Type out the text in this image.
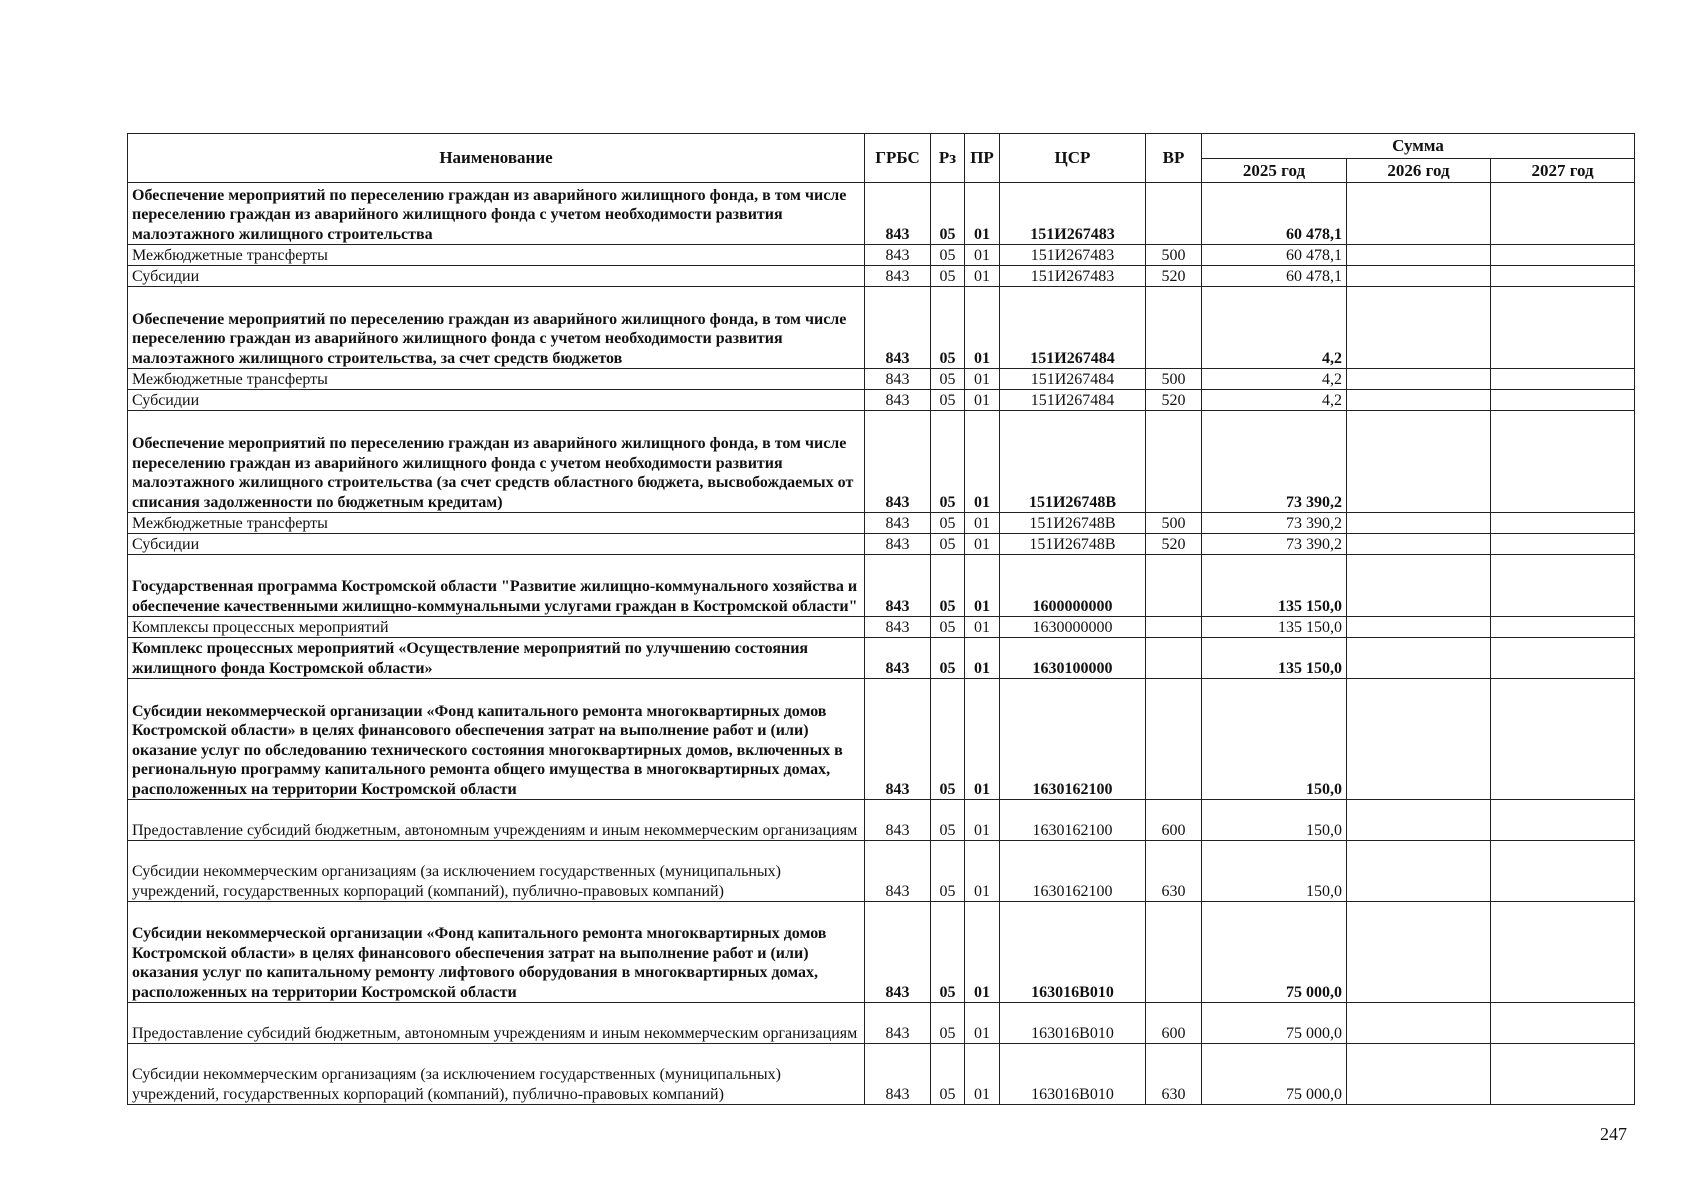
Наименование	ГРБС	Рз	ПР	ЦСР	ВР	Сумма		
						2025 год	2026 год	2027 год
Обеспечение мероприятий по переселению граждан из аварийного жилищного фонда, в том числе переселению граждан из аварийного жилищного фонда с учетом необходимости развития малоэтажного жилищного строительства	843	05	01	151И267483		60 478,1		
Межбюджетные трансферты	843	05	01	151И267483	500	60 478,1		
Субсидии	843	05	01	151И267483	520	60 478,1		
Обеспечение мероприятий по переселению граждан из аварийного жилищного фонда, в том числе переселению граждан из аварийного жилищного фонда с учетом необходимости развития малоэтажного жилищного строительства, за счет средств бюджетов	843	05	01	151И267484		4,2		
Межбюджетные трансферты	843	05	01	151И267484	500	4,2		
Субсидии	843	05	01	151И267484	520	4,2		
Обеспечение мероприятий по переселению граждан из аварийного жилищного фонда, в том числе переселению граждан из аварийного жилищного фонда с учетом необходимости развития малоэтажного жилищного строительства (за счет средств областного бюджета, высвобождаемых от списания задолженности по бюджетным кредитам)	843	05	01	151И26748В		73 390,2		
Межбюджетные трансферты	843	05	01	151И26748В	500	73 390,2		
Субсидии	843	05	01	151И26748В	520	73 390,2		
Государственная программа Костромской области "Развитие жилищно-коммунального хозяйства и обеспечение качественными жилищно-коммунальными услугами граждан в Костромской области"	843	05	01	1600000000		135 150,0		
Комплексы процессных мероприятий	843	05	01	1630000000		135 150,0		
Комплекс процессных мероприятий «Осуществление мероприятий по улучшению состояния жилищного фонда Костромской области»	843	05	01	1630100000		135 150,0		
Субсидии некоммерческой организации «Фонд капитального ремонта многоквартирных домов Костромской области» в целях финансового обеспечения затрат на выполнение работ и (или) оказание услуг по обследованию технического состояния многоквартирных домов, включенных в региональную программу капитального ремонта общего имущества в многоквартирных домах, расположенных на территории Костромской области	843	05	01	1630162100		150,0		
Предоставление субсидий бюджетным, автономным учреждениям и иным некоммерческим организациям	843	05	01	1630162100	600	150,0		
Субсидии некоммерческим организациям (за исключением государственных (муниципальных) учреждений, государственных корпораций (компаний), публично-правовых компаний)	843	05	01	1630162100	630	150,0		
Субсидии некоммерческой организации «Фонд капитального ремонта многоквартирных домов Костромской области» в целях финансового обеспечения затрат на выполнение работ и (или) оказания услуг по капитальному ремонту лифтового оборудования в многоквартирных домах, расположенных на территории Костромской области	843	05	01	163016В010		75 000,0		
Предоставление субсидий бюджетным, автономным учреждениям и иным некоммерческим организациям	843	05	01	163016В010	600	75 000,0		
Субсидии некоммерческим организациям (за исключением государственных (муниципальных) учреждений, государственных корпораций (компаний), публично-правовых компаний)	843	05	01	163016В010	630	75 000,0		
247
